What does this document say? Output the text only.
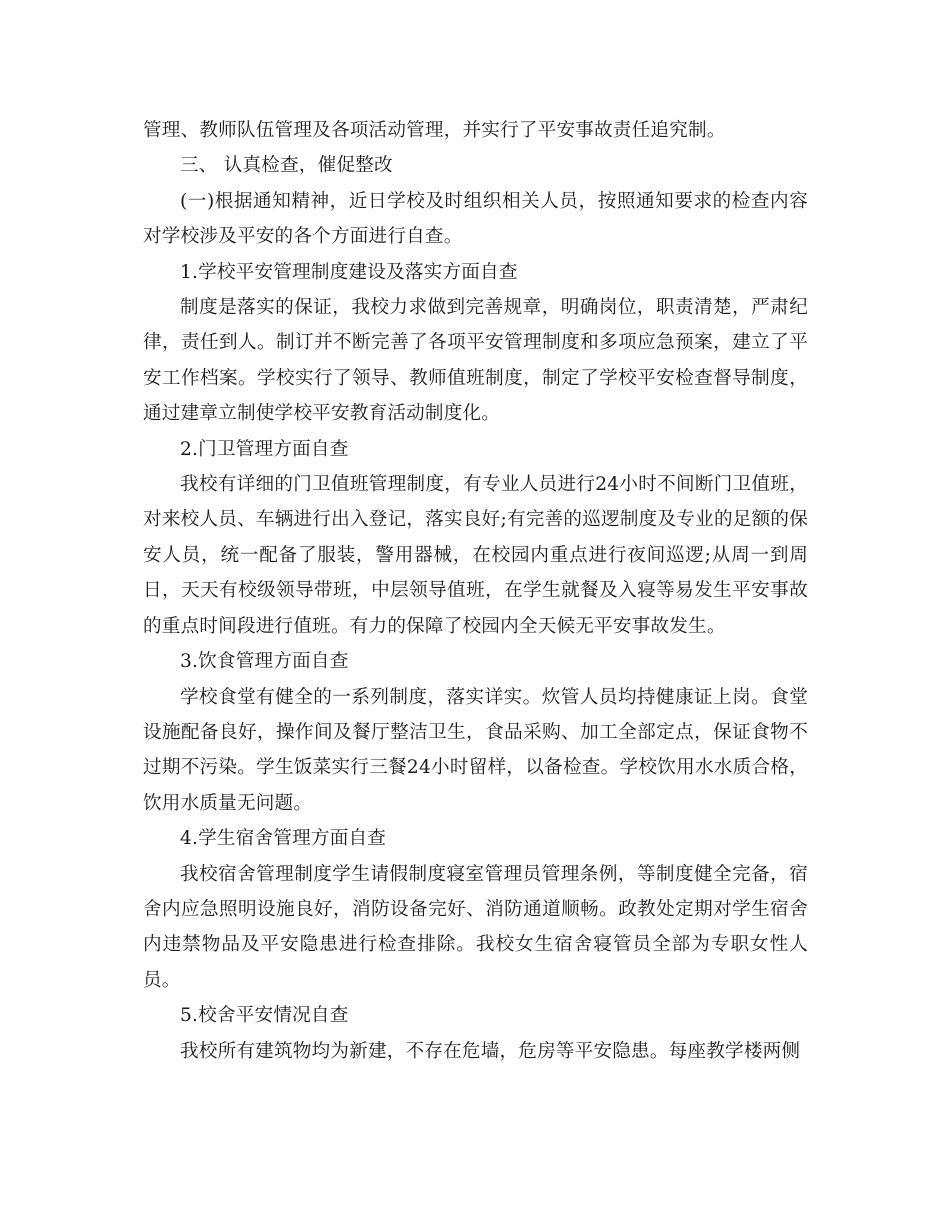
管理、教师队伍管理及各项活动管理，并实行了平安事故责任追究制。

三、 认真检查，催促整改

(一)根据通知精神，近日学校及时组织相关人员，按照通知要求的检查内容对学校涉及平安的各个方面进行自查。

1.学校平安管理制度建设及落实方面自查

制度是落实的保证，我校力求做到完善规章，明确岗位，职责清楚，严肃纪律，责任到人。制订并不断完善了各项平安管理制度和多项应急预案，建立了平安工作档案。学校实行了领导、教师值班制度，制定了学校平安检查督导制度，通过建章立制使学校平安教育活动制度化。

2.门卫管理方面自查

我校有详细的门卫值班管理制度，有专业人员进行24小时不间断门卫值班，对来校人员、车辆进行出入登记，落实良好;有完善的巡逻制度及专业的足额的保安人员，统一配备了服装，警用器械，在校园内重点进行夜间巡逻;从周一到周日，天天有校级领导带班，中层领导值班，在学生就餐及入寝等易发生平安事故的重点时间段进行值班。有力的保障了校园内全天候无平安事故发生。

3.饮食管理方面自查

学校食堂有健全的一系列制度，落实详实。炊管人员均持健康证上岗。食堂设施配备良好，操作间及餐厅整洁卫生，食品采购、加工全部定点，保证食物不过期不污染。学生饭菜实行三餐24小时留样，以备检查。学校饮用水水质合格，饮用水质量无问题。

4.学生宿舍管理方面自查

我校宿舍管理制度学生请假制度寝室管理员管理条例，等制度健全完备，宿舍内应急照明设施良好，消防设备完好、消防通道顺畅。政教处定期对学生宿舍内违禁物品及平安隐患进行检查排除。我校女生宿舍寝管员全部为专职女性人员。

5.校舍平安情况自查

我校所有建筑物均为新建，不存在危墙，危房等平安隐患。每座教学楼两侧
